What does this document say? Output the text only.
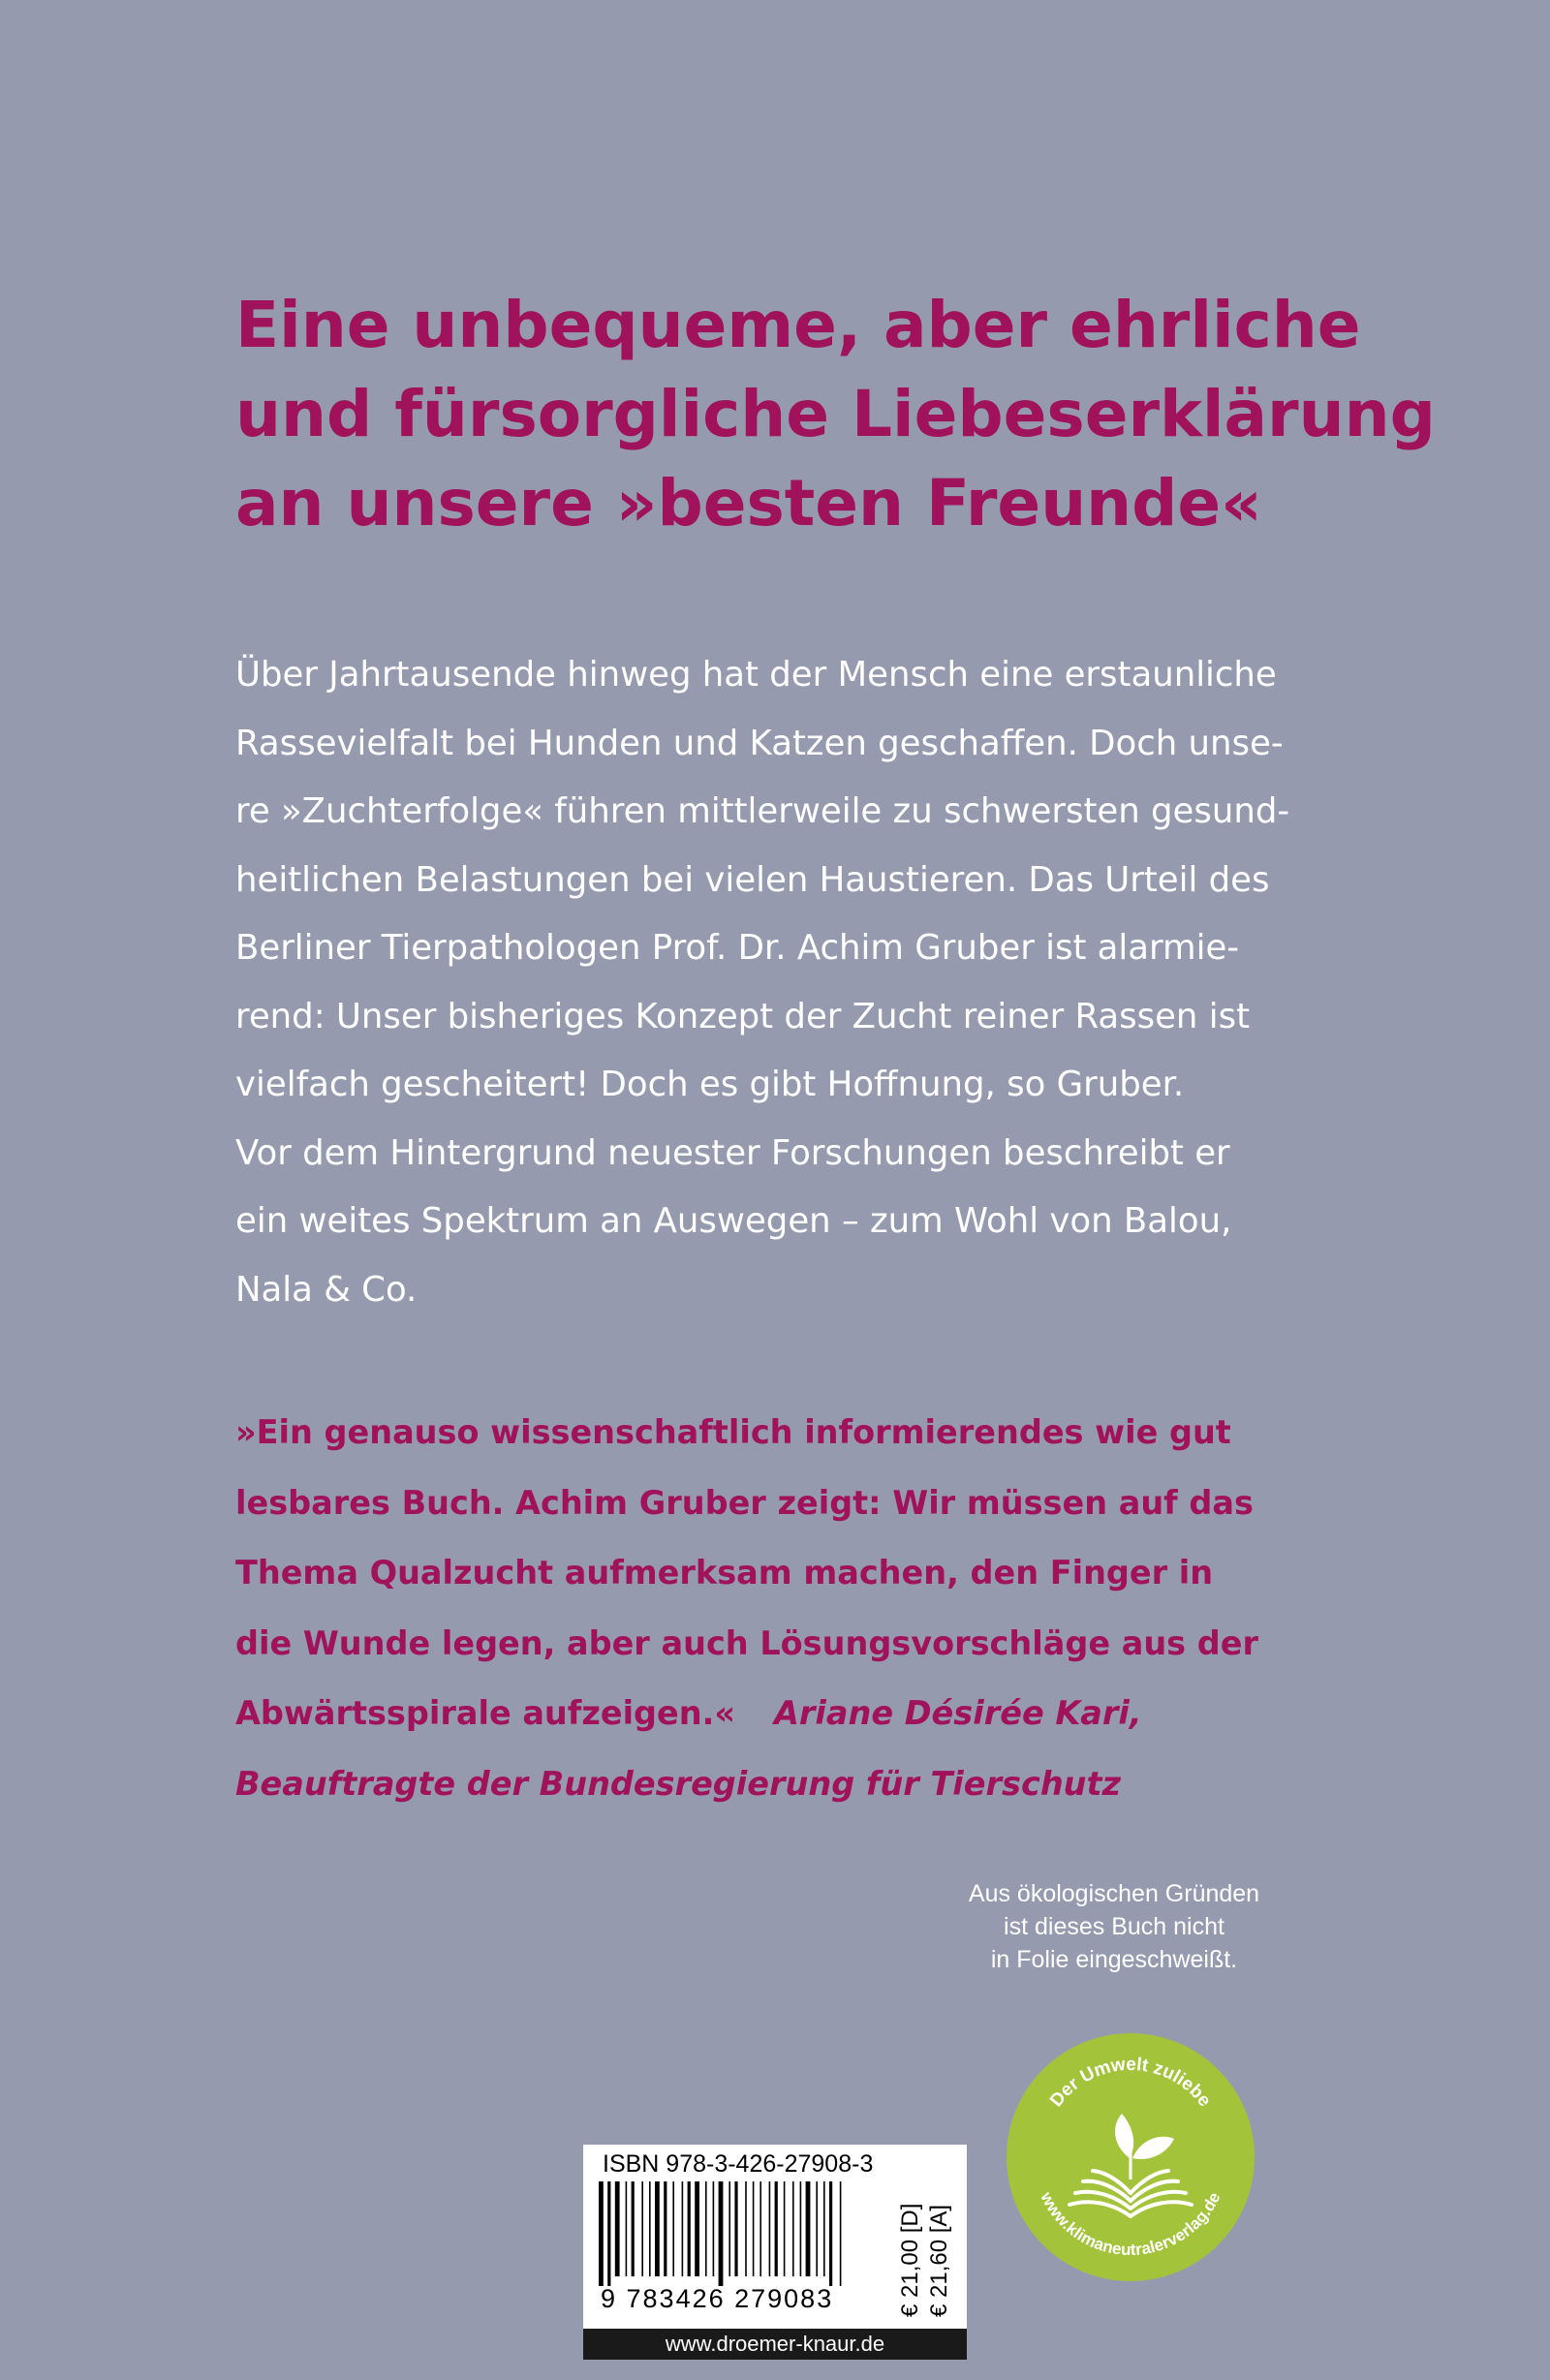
Eine unbequeme, aber ehrliche
und fürsorgliche Liebeserklärung
an unsere »besten Freunde«
Über Jahrtausende hinweg hat der Mensch eine erstaunliche
Rassevielfalt bei Hunden und Katzen geschaffen. Doch unse-
re »Zuchterfolge« führen mittlerweile zu schwersten gesund-
heitlichen Belastungen bei vielen Haustieren. Das Urteil des
Berliner Tierpathologen Prof. Dr. Achim Gruber ist alarmie-
rend: Unser bisheriges Konzept der Zucht reiner Rassen ist
vielfach gescheitert! Doch es gibt Hoffnung, so Gruber.
Vor dem Hintergrund neuester Forschungen beschreibt er
ein weites Spektrum an Auswegen – zum Wohl von Balou,
Nala & Co.
»Ein genauso wissenschaftlich informierendes wie gut
lesbares Buch. Achim Gruber zeigt: Wir müssen auf das
Thema Qualzucht aufmerksam machen, den Finger in
die Wunde legen, aber auch Lösungsvorschläge aus der
Abwärtsspirale aufzeigen.« Ariane Désirée Kari,
Beauftragte der Bundesregierung für Tierschutz
Aus ökologischen Gründen
ist dieses Buch nicht
in Folie eingeschweißt.
Der Umwelt zuliebe
www.klimaneutralerverlag.de
ISBN 978-3-426-27908-3
9 783426 279083	€ 21,00 [D] € 21,60 [A]
www.droemer-knaur.de
